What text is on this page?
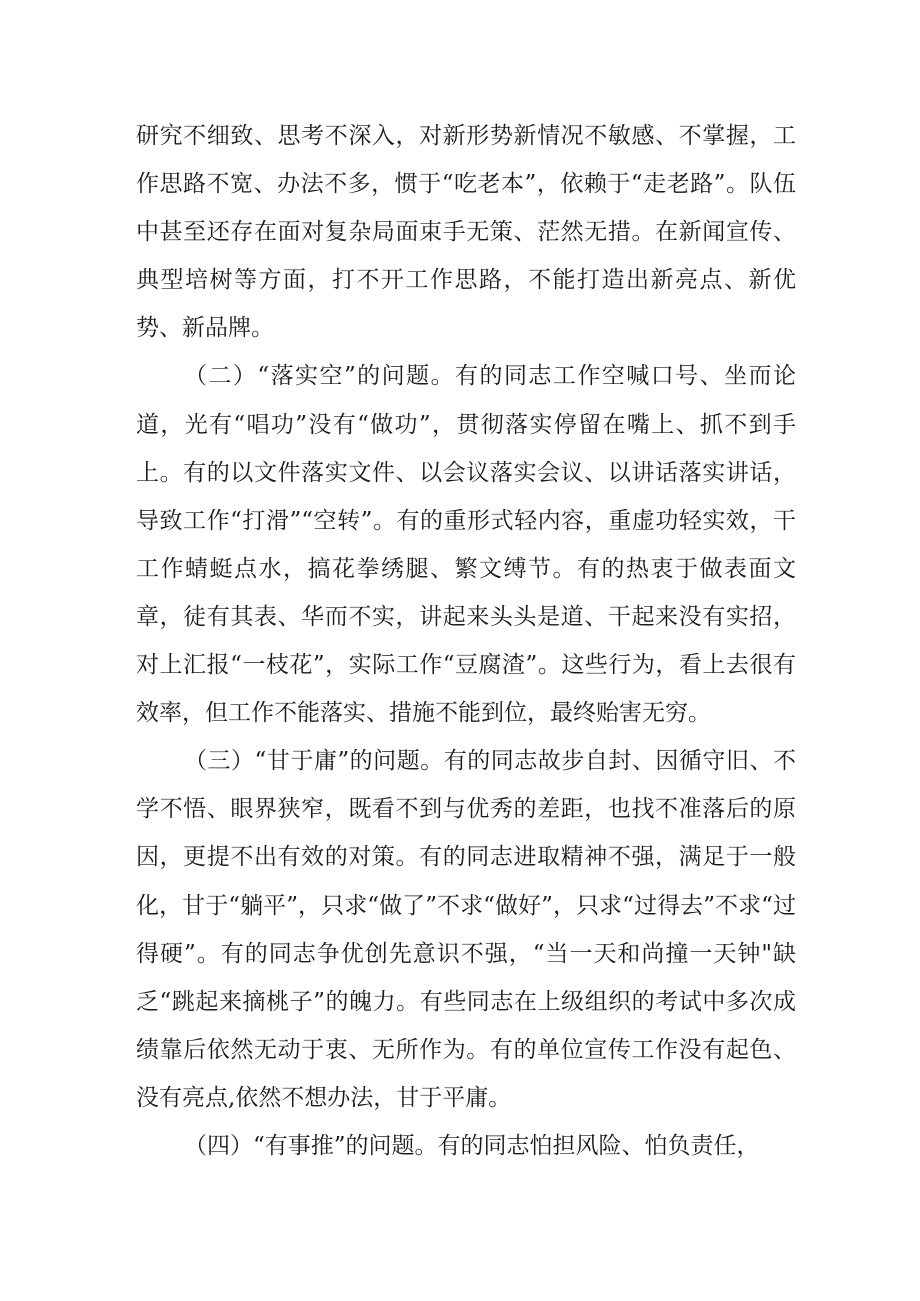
研究不细致、思考不深入，对新形势新情况不敏感、不掌握，工作思路不宽、办法不多，惯于“吃老本”，依赖于“走老路”。队伍中甚至还存在面对复杂局面束手无策、茫然无措。在新闻宣传、典型培树等方面，打不开工作思路，不能打造出新亮点、新优势、新品牌。

（二）“落实空”的问题。有的同志工作空喊口号、坐而论道，光有“唱功”没有“做功”，贯彻落实停留在嘴上、抓不到手上。有的以文件落实文件、以会议落实会议、以讲话落实讲话，导致工作“打滑”“空转”。有的重形式轻内容，重虚功轻实效，干工作蜻蜓点水，搞花拳绣腿、繁文缚节。有的热衷于做表面文章，徒有其表、华而不实，讲起来头头是道、干起来没有实招，对上汇报“一枝花”，实际工作“豆腐渣”。这些行为，看上去很有效率，但工作不能落实、措施不能到位，最终贻害无穷。

（三）“甘于庸”的问题。有的同志故步自封、因循守旧、不学不悟、眼界狭窄，既看不到与优秀的差距，也找不准落后的原因，更提不出有效的对策。有的同志进取精神不强，满足于一般化，甘于“躺平”，只求“做了”不求“做好”，只求“过得去”不求“过得硬”。有的同志争优创先意识不强，“当一天和尚撞一天钟"缺乏“跳起来摘桃子”的魄力。有些同志在上级组织的考试中多次成绩靠后依然无动于衷、无所作为。有的单位宣传工作没有起色、没有亮点,依然不想办法，甘于平庸。

（四）“有事推”的问题。有的同志怕担风险、怕负责任，
